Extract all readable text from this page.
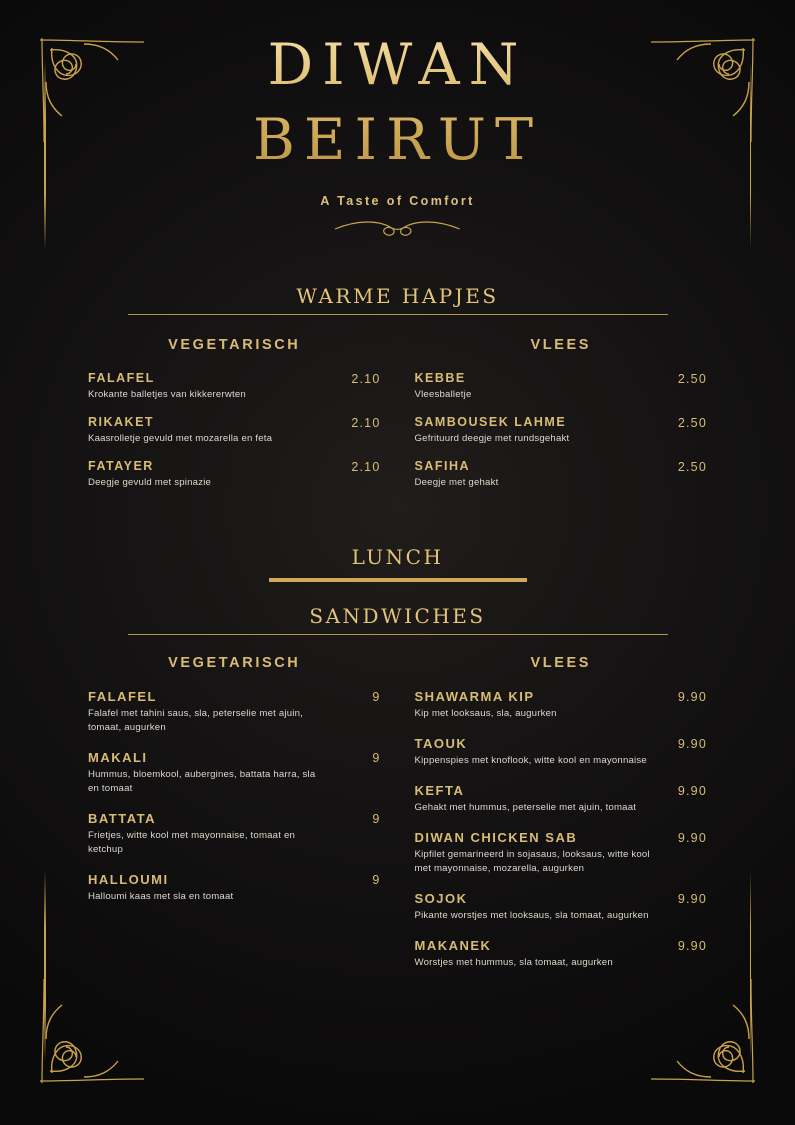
DIWAN
BEIRUT
A Taste of Comfort
WARME HAPJES
VEGETARISCH
FALAFEL
Krokante balletjes van kikkererwten
2.10
RIKAKET
Kaasrolletje gevuld met mozarella en feta
2.10
FATAYER
Deegje gevuld met spinazie
2.10
VLEES
KEBBE
Vleesballetje
2.50
SAMBOUSEK LAHME
Gefrituurd deegje met rundsgehakt
2.50
SAFIHA
Deegje met gehakt
2.50
LUNCH
SANDWICHES
VEGETARISCH
FALAFEL
Falafel met tahini saus, sla, peterselie met ajuin, tomaat, augurken
9
MAKALI
Hummus, bloemkool, aubergines, battata harra, sla en tomaat
9
BATTATA
Frietjes, witte kool met mayonnaise, tomaat en ketchup
9
HALLOUMI
Halloumi kaas met sla en tomaat
9
VLEES
SHAWARMA KIP
Kip met looksaus, sla, augurken
9.90
TAOUK
Kippenspies met knoflook, witte kool en mayonnaise
9.90
KEFTA
Gehakt met hummus, peterselie met ajuin, tomaat
9.90
DIWAN CHICKEN SAB
Kipfilet gemarineerd in sojasaus, looksaus, witte kool met mayonnaise, mozarella, augurken
9.90
SOJOK
Pikante worstjes met looksaus, sla tomaat, augurken
9.90
MAKANEK
Worstjes met hummus, sla tomaat, augurken
9.90
